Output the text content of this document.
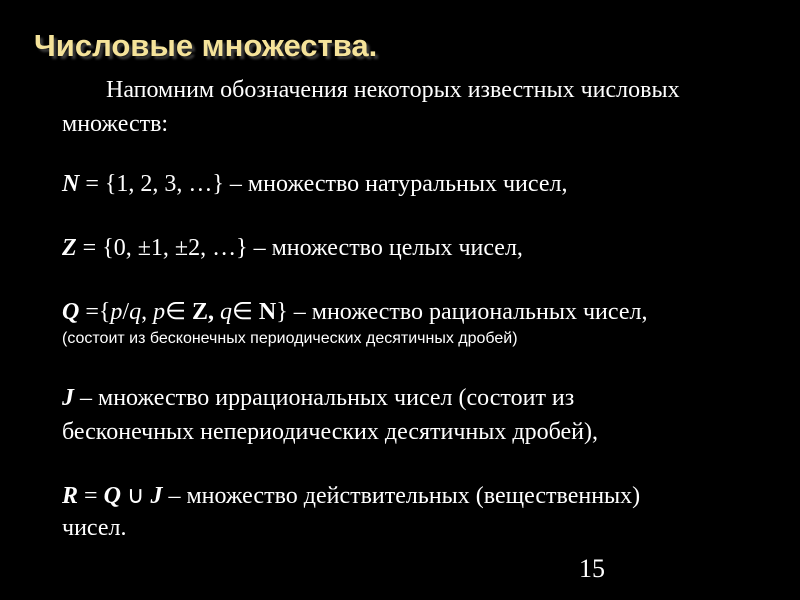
Числовые множества.
Напомним обозначения некоторых известных числовых
множеств:
N = {1, 2, 3, …} – множество натуральных чисел,
Z = {0, ±1, ±2, …} – множество целых чисел,
Q ={p/q, p∈ Z, q∈ N} – множество рациональных чисел,
(состоит из бесконечных периодических десятичных дробей)
J – множество иррациональных чисел (состоит из
бесконечных непериодических десятичных дробей),
R = Q ∪ J – множество действительных (вещественных)
чисел.
15
